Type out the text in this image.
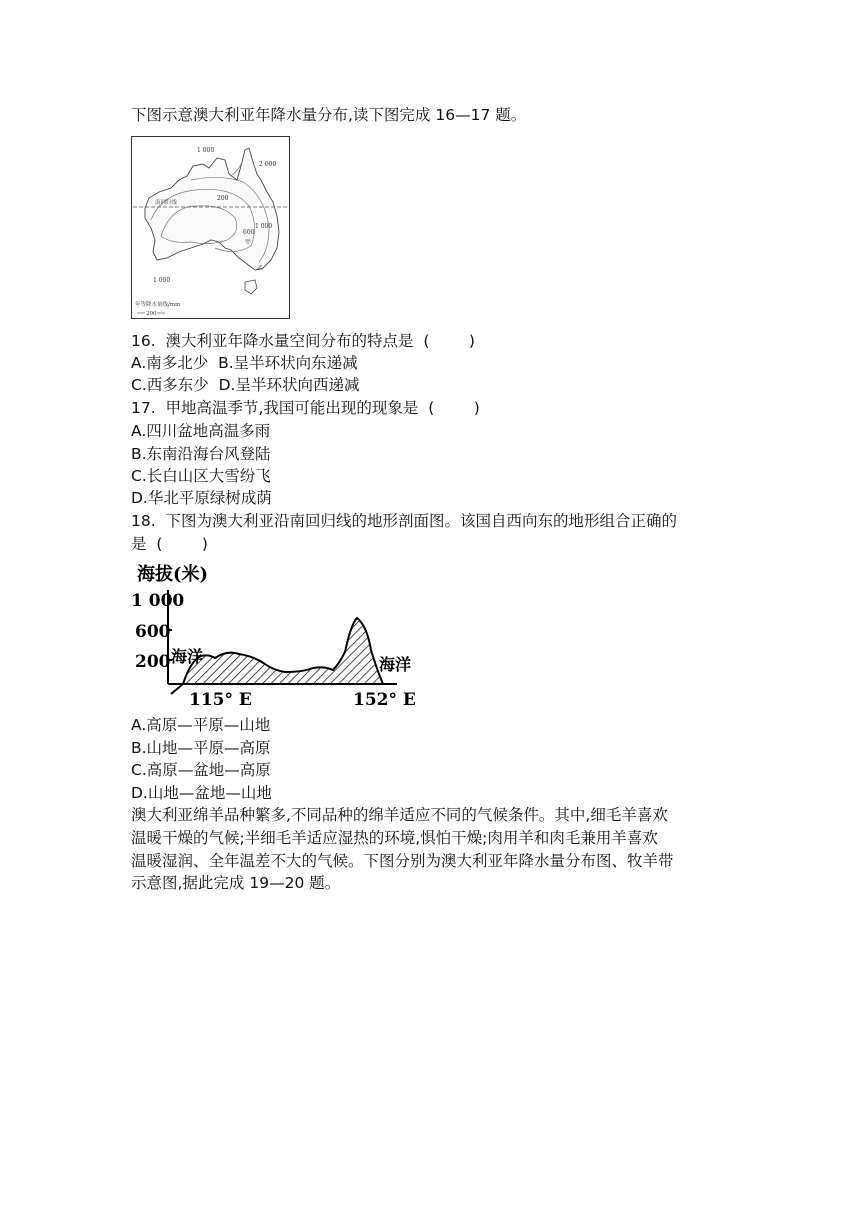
下图示意澳大利亚年降水量分布,读下图完成 16—17 题。
1 000
2 000
200
南回归线
1 000
600
甲
乙
1 000
年等降水量线/mm
200
16.  澳大利亚年降水量空间分布的特点是  (        )
A.南多北少  B.呈半环状向东递减
C.西多东少  D.呈半环状向西递减
17.  甲地高温季节,我国可能出现的现象是  (        )
A.四川盆地高温多雨
B.东南沿海台风登陆
C.长白山区大雪纷飞
D.华北平原绿树成荫
18.  下图为澳大利亚沿南回归线的地形剖面图。该国自西向东的地形组合正确的
是  (        )
海拔(米)
1 000
600
200 海洋	海洋
115° E	152° E
A.高原—平原—山地
B.山地—平原—高原
C.高原—盆地—高原
D.山地—盆地—山地
澳大利亚绵羊品种繁多,不同品种的绵羊适应不同的气候条件。其中,细毛羊喜欢
温暖干燥的气候;半细毛羊适应湿热的环境,惧怕干燥;肉用羊和肉毛兼用羊喜欢
温暖湿润、全年温差不大的气候。下图分别为澳大利亚年降水量分布图、牧羊带
示意图,据此完成 19—20 题。
